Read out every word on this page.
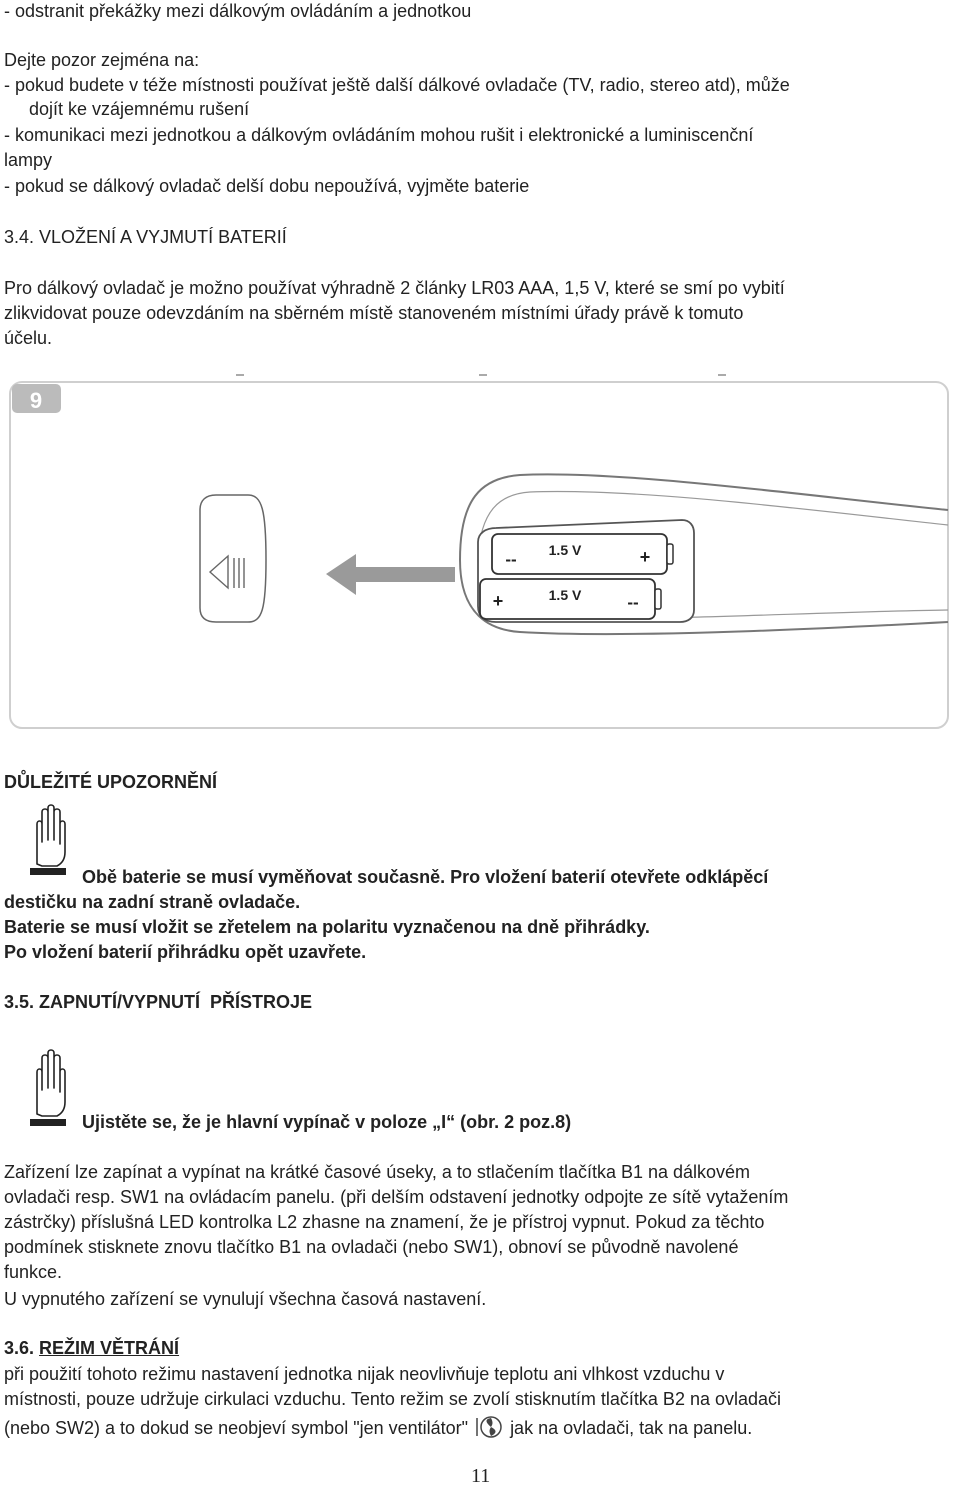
- odstranit překážky mezi dálkovým ovládáním a jednotkou
Dejte pozor zejména na:
- pokud budete v téže místnosti používat ještě další dálkové ovladače (TV, radio, stereo atd), může
dojít ke vzájemnému rušení
- komunikaci mezi jednotkou a dálkovým ovládáním mohou rušit i elektronické a luminiscenční
lampy
- pokud se dálkový ovladač delší dobu nepoužívá, vyjměte baterie
3.4. VLOŽENÍ A VYJMUTÍ BATERIÍ
Pro dálkový ovladač je možno používat výhradně 2 články LR03 AAA, 1,5 V, které se smí po vybití
zlikvidovat pouze odevzdáním na sběrném místě stanoveném místními úřady právě k tomuto
účelu.
9
-- 1.5 V	+
+	1.5 V	--
DŮLEŽITÉ UPOZORNĚNÍ
Obě baterie se musí vyměňovat současně. Pro vložení baterií otevřete odklápěcí
destičku na zadní straně ovladače.
Baterie se musí vložit se zřetelem na polaritu vyznačenou na dně přihrádky.
Po vložení baterií přihrádku opět uzavřete.
3.5. ZAPNUTÍ/VYPNUTÍ  PŘÍSTROJE
Ujistěte se, že je hlavní vypínač v poloze „I“ (obr. 2 poz.8)
Zařízení lze zapínat a vypínat na krátké časové úseky, a to stlačením tlačítka B1 na dálkovém
ovladači resp. SW1 na ovládacím panelu. (při delším odstavení jednotky odpojte ze sítě vytažením
zástrčky) příslušná LED kontrolka L2 zhasne na znamení, že je přístroj vypnut. Pokud za těchto
podmínek stisknete znovu tlačítko B1 na ovladači (nebo SW1), obnoví se původně navolené
funkce.
U vypnutého zařízení se vynulují všechna časová nastavení.
3.6. REŽIM VĚTRÁNÍ
při použití tohoto režimu nastavení jednotka nijak neovlivňuje teplotu ani vlhkost vzduchu v
místnosti, pouze udržuje cirkulaci vzduchu. Tento režim se zvolí stisknutím tlačítka B2 na ovladači
(nebo SW2) a to dokud se neobjeví symbol "jen ventilátor" jak na ovladači, tak na panelu.
11
